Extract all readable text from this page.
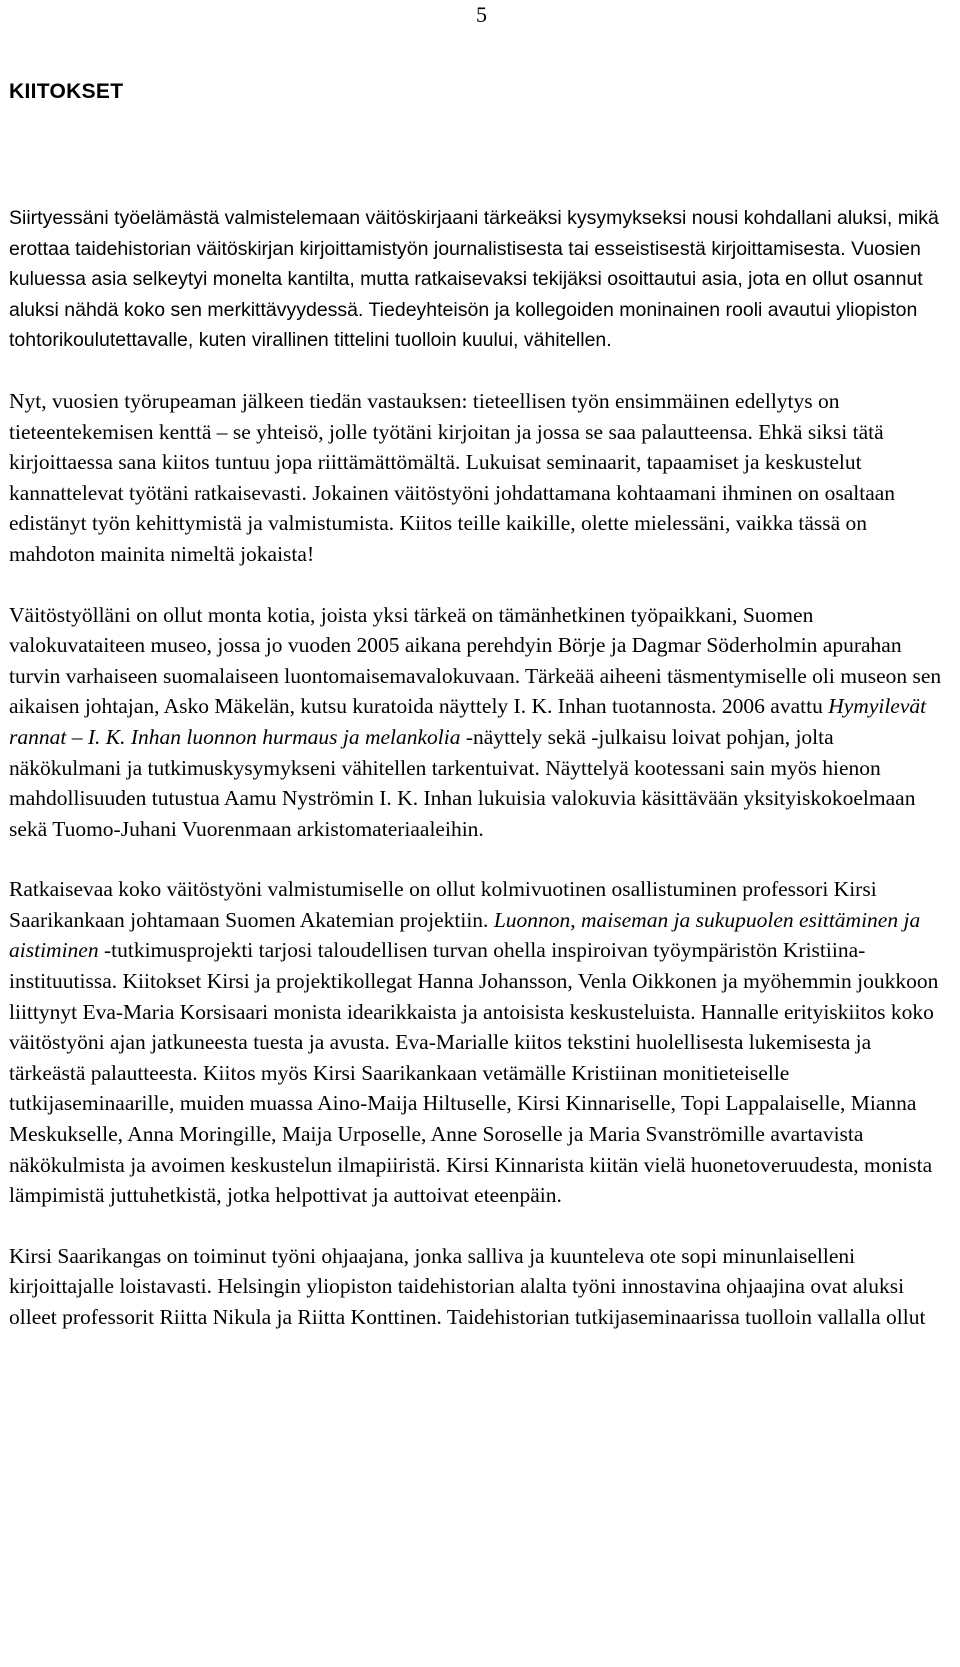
5
KIITOKSET

Siirtyessäni työelämästä valmistelemaan väitöskirjaani tärkeäksi kysymykseksi nousi kohdallani aluksi, mikä erottaa taidehistorian väitöskirjan kirjoittamistyön journalistisesta tai esseistisestä kirjoittamisesta. Vuosien kuluessa asia selkeytyi monelta kantilta, mutta ratkaisevaksi tekijäksi osoittautui asia, jota en ollut osannut aluksi nähdä koko sen merkittävyydessä. Tiedeyhteisön ja kollegoiden moninainen rooli avautui yliopiston tohtorikoulutettavalle, kuten virallinen tittelini tuolloin kuului, vähitellen.

Nyt, vuosien työrupeaman jälkeen tiedän vastauksen: tieteellisen työn ensimmäinen edellytys on tieteentekemisen kenttä – se yhteisö, jolle työtäni kirjoitan ja jossa se saa palautteensa. Ehkä siksi tätä kirjoittaessa sana kiitos tuntuu jopa riittämättömältä. Lukuisat seminaarit, tapaamiset ja keskustelut kannattelevat työtäni ratkaisevasti. Jokainen väitöstyöni johdattamana kohtaamani ihminen on osaltaan edistänyt työn kehittymistä ja valmistumista. Kiitos teille kaikille, olette mielessäni, vaikka tässä on mahdoton mainita nimeltä jokaista!

Väitöstyölläni on ollut monta kotia, joista yksi tärkeä on tämänhetkinen työpaikkani, Suomen valokuvataiteen museo, jossa jo vuoden 2005 aikana perehdyin Börje ja Dagmar Söderholmin apurahan turvin varhaiseen suomalaiseen luontomaisemavalokuvaan. Tärkeää aiheeni täsmentymiselle oli museon sen aikaisen johtajan, Asko Mäkelän, kutsu kuratoida näyttely I. K. Inhan tuotannosta. 2006 avattu Hymyilevät rannat – I. K. Inhan luonnon hurmaus ja melankolia -näyttely sekä -julkaisu loivat pohjan, jolta näkökulmani ja tutkimuskysymykseni vähitellen tarkentuivat. Näyttelyä kootessani sain myös hienon mahdollisuuden tutustua Aamu Nyströmin I. K. Inhan lukuisia valokuvia käsittävään yksityiskokoelmaan sekä Tuomo-Juhani Vuorenmaan arkistomateriaaleihin.

Ratkaisevaa koko väitöstyöni valmistumiselle on ollut kolmivuotinen osallistuminen professori Kirsi Saarikankaan johtamaan Suomen Akatemian projektiin. Luonnon, maiseman ja sukupuolen esittäminen ja aistiminen -tutkimusprojekti tarjosi taloudellisen turvan ohella inspiroivan työympäristön Kristiina-instituutissa. Kiitokset Kirsi ja projektikollegat Hanna Johansson, Venla Oikkonen ja myöhemmin joukkoon liittynyt Eva-Maria Korsisaari monista idearikkaista ja antoisista keskusteluista. Hannalle erityiskiitos koko väitöstyöni ajan jatkuneesta tuesta ja avusta. Eva-Marialle kiitos tekstini huolellisesta lukemisesta ja tärkeästä palautteesta. Kiitos myös Kirsi Saarikankaan vetämälle Kristiinan monitieteiselle tutkijaseminaarille, muiden muassa Aino-Maija Hiltuselle, Kirsi Kinnariselle, Topi Lappalaiselle, Mianna Meskukselle, Anna Moringille, Maija Urposelle, Anne Soroselle ja Maria Svanströmille avartavista näkökulmista ja avoimen keskustelun ilmapiiristä. Kirsi Kinnarista kiitän vielä huonetoveruudesta, monista lämpimistä juttuhetkistä, jotka helpottivat ja auttoivat eteenpäin.

Kirsi Saarikangas on toiminut työni ohjaajana, jonka salliva ja kuunteleva ote sopi minunlaiselleni kirjoittajalle loistavasti. Helsingin yliopiston taidehistorian alalta työni innostavina ohjaajina ovat aluksi olleet professorit Riitta Nikula ja Riitta Konttinen. Taidehistorian tutkijaseminaarissa tuolloin vallalla ollut
